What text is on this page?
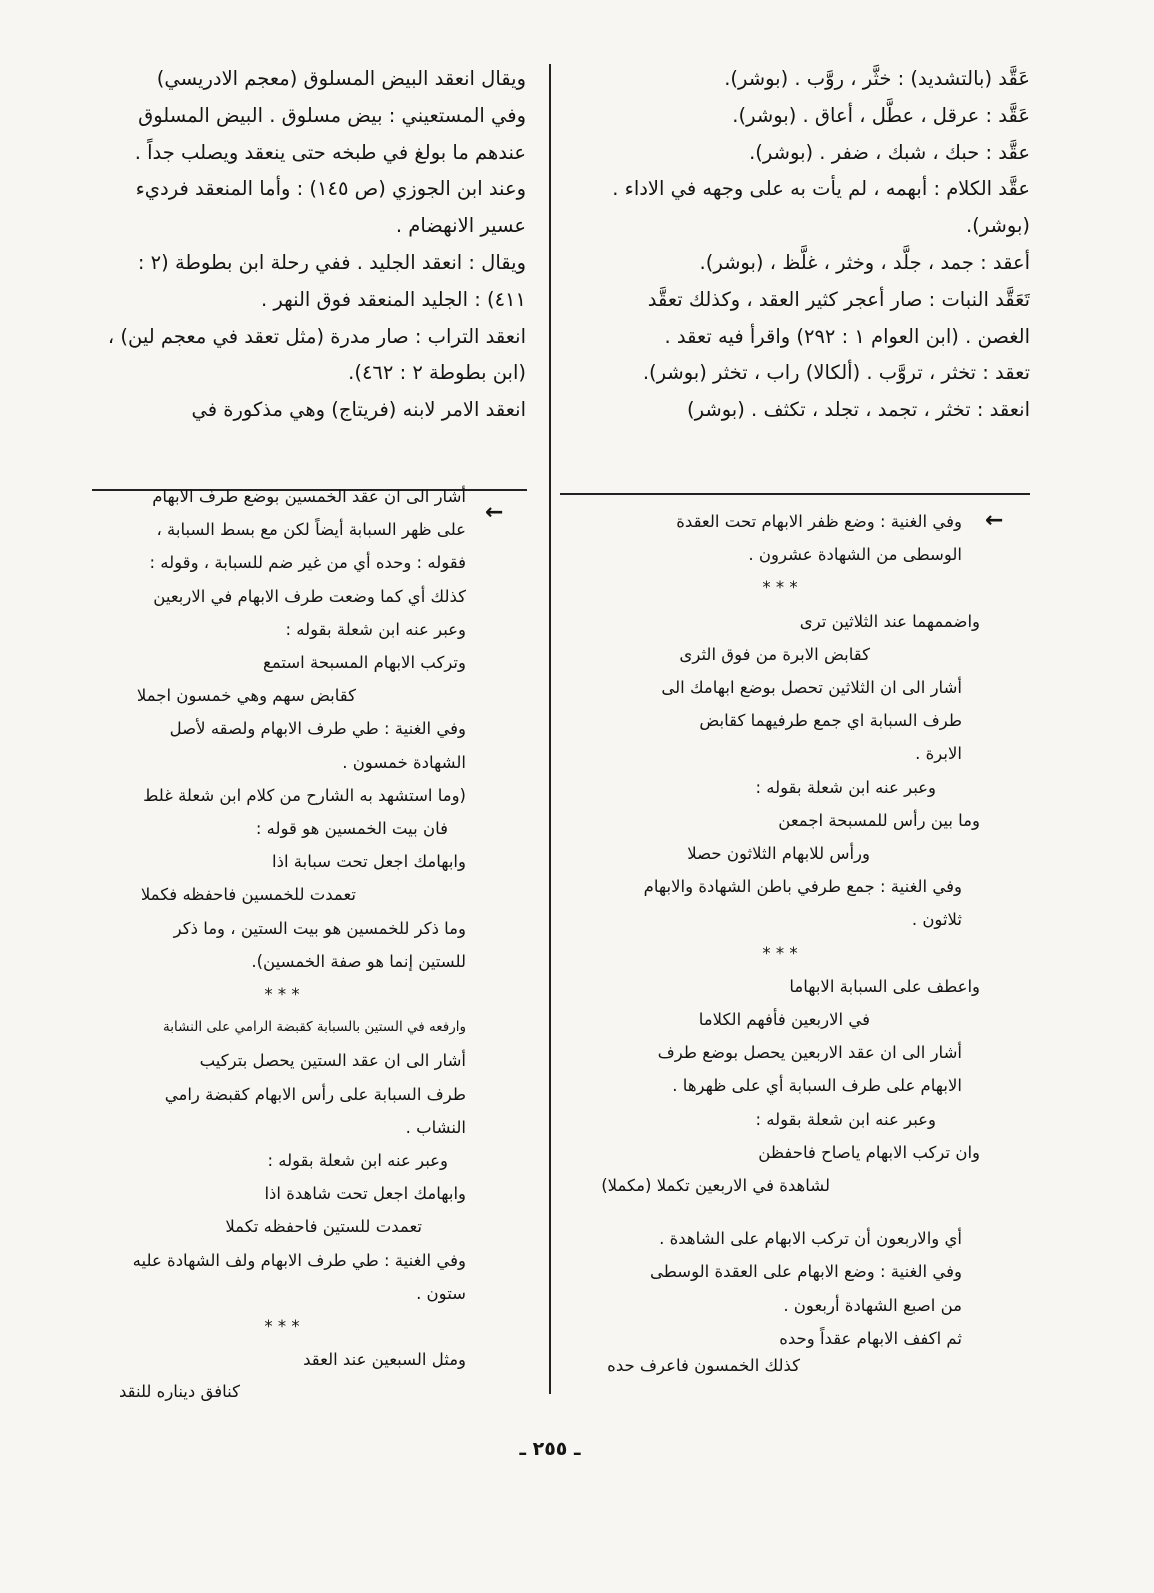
عَقَّد (بالتشديد) : خثَّر ، روَّب . (بوشر).

عَقَّد : عرقل ، عطَّل ، أعاق . (بوشر).

عقَّد : حبك ، شبك ، ضفر . (بوشر).

عقَّد الكلام : أبهمه ، لم يأت به على وجهه في الاداء . (بوشر).

أعقد : جمد ، جلَّد ، وخثر ، غلَّظ ، (بوشر).

تَعَقَّد النبات : صار أعجر كثير العقد ، وكذلك تعقَّد الغصن . (ابن العوام ١ : ٢٩٢) واقرأ فيه تعقد .

تعقد : تخثر ، تروَّب . (ألكالا) راب ، تخثر (بوشر).

انعقد : تخثر ، تجمد ، تجلد ، تكثف . (بوشر)

ويقال انعقد البيض المسلوق (معجم الادريسي)

وفي المستعيني : بيض مسلوق . البيض المسلوق عندهم ما بولغ في طبخه حتى ينعقد ويصلب جداً .

وعند ابن الجوزي (ص ١٤٥) : وأما المنعقد فرديء عسير الانهضام .

ويقال : انعقد الجليد . ففي رحلة ابن بطوطة (٢ : ٤١١) : الجليد المنعقد فوق النهر .

انعقد التراب : صار مدرة (مثل تعقد في معجم لين) ، (ابن بطوطة ٢ : ٤٦٢).

انعقد الامر لابنه (فريتاج) وهي مذكورة في

←
←	وفي الغنية : وضع ظفر الابهام تحت العقدة

الوسطى من الشهادة عشرون .

* * *

واضممهما عند الثلاثين ترى

كقابض الابرة من فوق الثرى

أشار الى ان الثلاثين تحصل بوضع ابهامك الى

طرف السبابة اي جمع طرفيهما كقابض

الابرة .

وعبر عنه ابن شعلة بقوله :

وما بين رأس للمسبحة اجمعن

ورأس للابهام الثلاثون حصلا

وفي الغنية : جمع طرفي باطن الشهادة والابهام

ثلاثون .

* * *

واعطف على السبابة الابهاما

في الاربعين فأفهم الكلاما

أشار الى ان عقد الاربعين يحصل بوضع طرف

الابهام على طرف السبابة أي على ظهرها .

وعبر عنه ابن شعلة بقوله :

وان تركب الابهام ياصاح فاحفظن

لشاهدة في الاربعين تكملا (مكملا)

أي والاربعون أن تركب الابهام على الشاهدة .

وفي الغنية : وضع الابهام على العقدة الوسطى

من اصبع الشهادة أربعون .

ثم اكفف الابهام عقداً وحده

كذلك الخمسون فاعرف حده

أشار الى ان عقد الخمسين بوضع طرف الابهام

على ظهر السبابة أيضاً لكن مع بسط السبابة ،

فقوله : وحده أي من غير ضم للسبابة ، وقوله :

كذلك أي كما وضعت طرف الابهام في الاربعين

وعبر عنه ابن شعلة بقوله :

وتركب الابهام المسبحة استمع

كقابض سهم وهي خمسون اجملا

وفي الغنية : طي طرف الابهام ولصقه لأصل

الشهادة خمسون .

(وما استشهد به الشارح من كلام ابن شعلة غلط

فان بيت الخمسين هو قوله :

وابهامك اجعل تحت سبابة اذا

تعمدت للخمسين فاحفظه فكملا

وما ذكر للخمسين هو بيت الستين ، وما ذكر

للستين إنما هو صفة الخمسين).

* * *

وارفعه في الستين بالسبابة كقبضة الرامي على النشابة

أشار الى ان عقد الستين يحصل بتركيب

طرف السبابة على رأس الابهام كقبضة رامي

النشاب .

وعبر عنه ابن شعلة بقوله :

وابهامك اجعل تحت شاهدة اذا

تعمدت للستين فاحفظه تكملا

وفي الغنية : طي طرف الابهام ولف الشهادة عليه

ستون .

* * *

ومثل السبعين عند العقد

كنافق ديناره للنقد
ـ ٢٥٥ ـ
